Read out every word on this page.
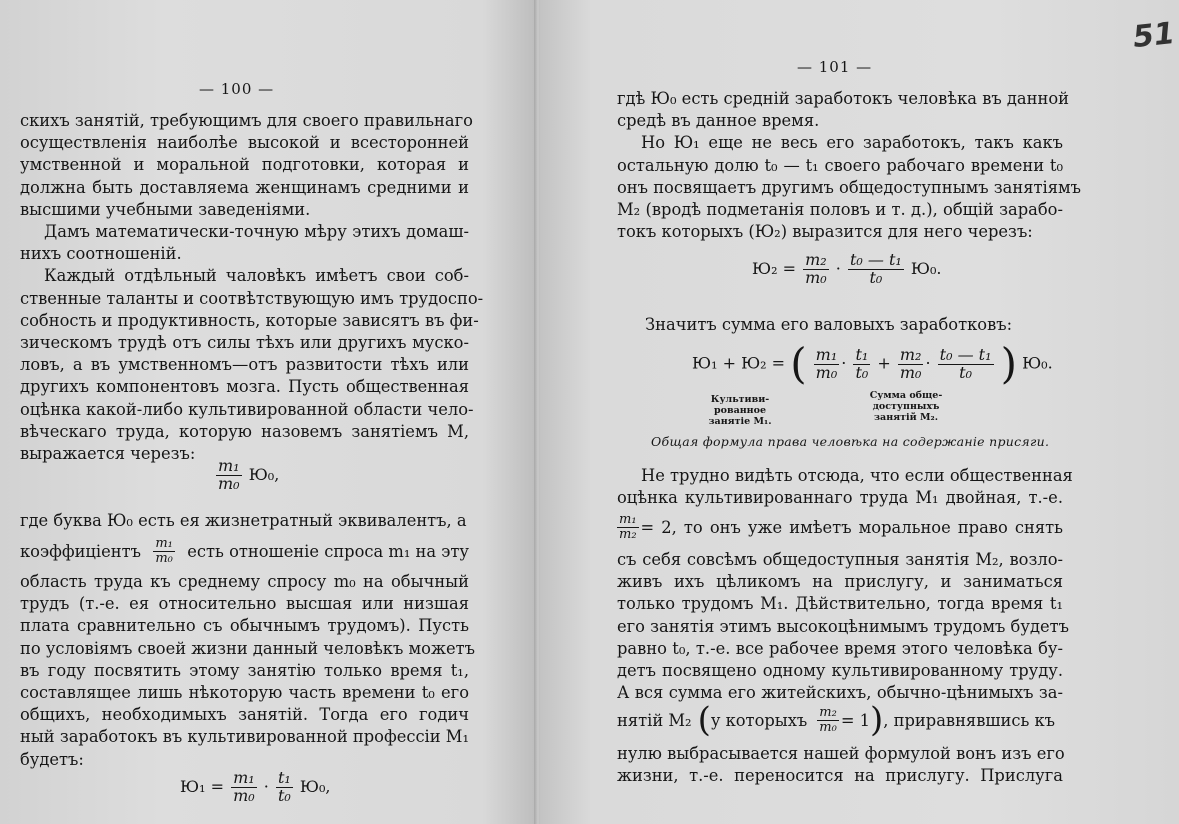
— 100 —
скихъ занятій, требующимъ для своего правильнаго
осуществленія наиболѣе высокой и всесторонней
умственной и моральной подготовки, которая и
должна быть доставляема женщинамъ средними и
высшими учебными заведеніями.
Дамъ математически-точную мѣру этихъ домаш-
нихъ соотношеній.
Каждый отдѣльный чаловѣкъ имѣетъ свои соб-
ственные таланты и соотвѣтствующую имъ трудоспо-
собность и продуктивность, которые зависятъ въ фи-
зическомъ трудѣ отъ силы тѣхъ или другихъ мускo-
ловъ, а въ умственномъ—отъ развитости тѣхъ или
другихъ компонентовъ мозга. Пусть общественная
оцѣнка какой-либо культивированной области чело-
вѣческаго труда, которую назовемъ занятіемъ М,
выражается черезъ:
$\frac{\text{m₁}}{\text{m₀}} Ю_0$,
где буква Ю₀ есть ея жизнетратный эквивалентъ, а
коэффиціентъ $\frac{\text{m₁}}{\text{m₀}}$ есть отношеніе спроса m₁ на эту
область труда къ среднему спросу m₀ на обычный
трудъ (т.-е. ея относительно высшая или низшая
плата сравнительно съ обычнымъ трудомъ). Пусть
по условіямъ своей жизни данный человѣкъ можетъ
въ году посвятить этому занятію только время t₁,
составлящее лишь нѣкоторую часть времени t₀ его
общихъ, необходимыхъ занятій. Тогда его годич
ный заработокъ въ культивированной профессіи М₁
будетъ:
$Ю_1 = \frac{\text{m₁}}{\text{m₀}} \cdot \frac{\text{t₁}}{\text{t₀}} Ю_0$,
— 101 —
51
гдѣ Ю₀ есть средній заработокъ человѣка въ данной
средѣ въ данное время.
Но Ю₁ еще не весь его заработокъ, такъ какъ
остальную долю t₀ — t₁ своего рабочаго времени t₀
онъ посвящаетъ другимъ общедоступнымъ занятіямъ
М₂ (вродѣ подметанія половъ и т. д.), общій зарабо-
токъ которыхъ (Ю₂) выразится для него черезъ:
$Ю_2 = \frac{\text{m₂}}{\text{m₀}} \cdot \frac{\text{t₀ — t₁}}{\text{t₀}} Ю_0$.
Значитъ сумма его валовыхъ заработковъ:
Ю₁ + Ю₂ = ( $\frac{\text{m₁}}{\text{m₀}} \cdot \frac{\text{t₁}}{\text{t₀}} + \frac{\text{m₂}}{\text{m₀}} \cdot \frac{\text{t₀ — t₁}}{\text{t₀}}$ ) Ю₀.
Культиви-
рованное
занятіе М₁.
Сумма обще-
доступныхъ
занятій М₂.
Общая формула права человѣка на содержаніе присяги.
Не трудно видѣть отсюда, что если общественная
оцѣнка культивированнаго труда М₁ двойная, т.-е.
$\frac{\text{m₁}}{\text{m₂}} = 2$, то онъ уже имѣетъ моральное право снять
съ себя совсѣмъ общедоступныя занятія М₂, возло-
живъ ихъ цѣликомъ на прислугу, и заниматься
только трудомъ М₁. Дѣйствительно, тогда время t₁
его занятія этимъ высокоцѣнимымъ трудомъ будетъ
равно t₀, т.-е. все рабочее время этого человѣка бу-
детъ посвящено одному культивированному труду.
А вся сумма его житейскихъ, обычно-цѣнимыхъ за-
нятій М₂ ( у которыхъ $\frac{\text{m₂}}{\text{m₀}} = 1$ ) , приравнявшись къ
нулю выбрасывается нашей формулой вонъ изъ его
жизни, т.-е. переносится на прислугу. Прислуга
